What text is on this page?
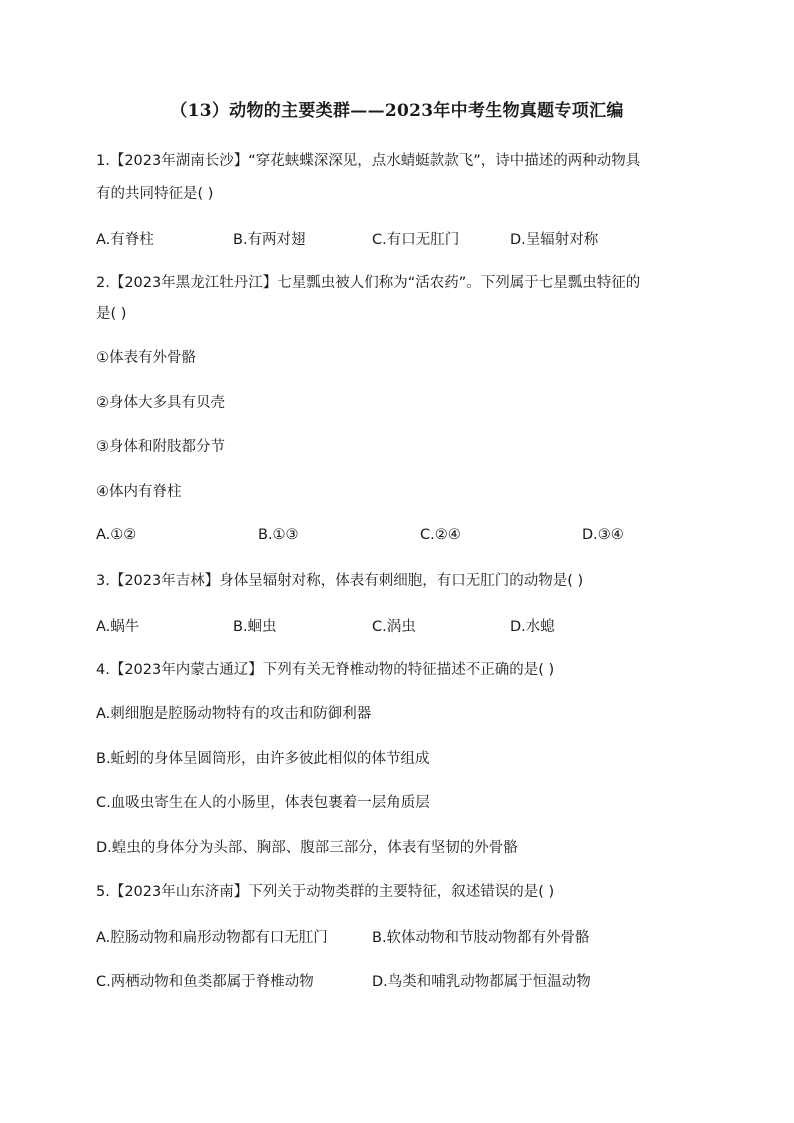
（13）动物的主要类群——2023年中考生物真题专项汇编
1.【2023年湖南长沙】“穿花蛱蝶深深见，点水蜻蜓款款飞”，诗中描述的两种动物具
有的共同特征是( )
A.有脊柱	B.有两对翅	C.有口无肛门	D.呈辐射对称
2.【2023年黑龙江牡丹江】七星瓢虫被人们称为“活农药”。下列属于七星瓢虫特征的
是( )
①体表有外骨骼
②身体大多具有贝壳
③身体和附肢都分节
④体内有脊柱
A.①②	B.①③	C.②④	D.③④
3.【2023年吉林】身体呈辐射对称，体表有刺细胞，有口无肛门的动物是( )
A.蜗牛	B.蛔虫	C.涡虫	D.水螅
4.【2023年内蒙古通辽】下列有关无脊椎动物的特征描述不正确的是( )
A.刺细胞是腔肠动物特有的攻击和防御利器
B.蚯蚓的身体呈圆筒形，由许多彼此相似的体节组成
C.血吸虫寄生在人的小肠里，体表包裹着一层角质层
D.蝗虫的身体分为头部、胸部、腹部三部分，体表有坚韧的外骨骼
5.【2023年山东济南】下列关于动物类群的主要特征，叙述错误的是( )
A.腔肠动物和扁形动物都有口无肛门	B.软体动物和节肢动物都有外骨骼
C.两栖动物和鱼类都属于脊椎动物	D.鸟类和哺乳动物都属于恒温动物
